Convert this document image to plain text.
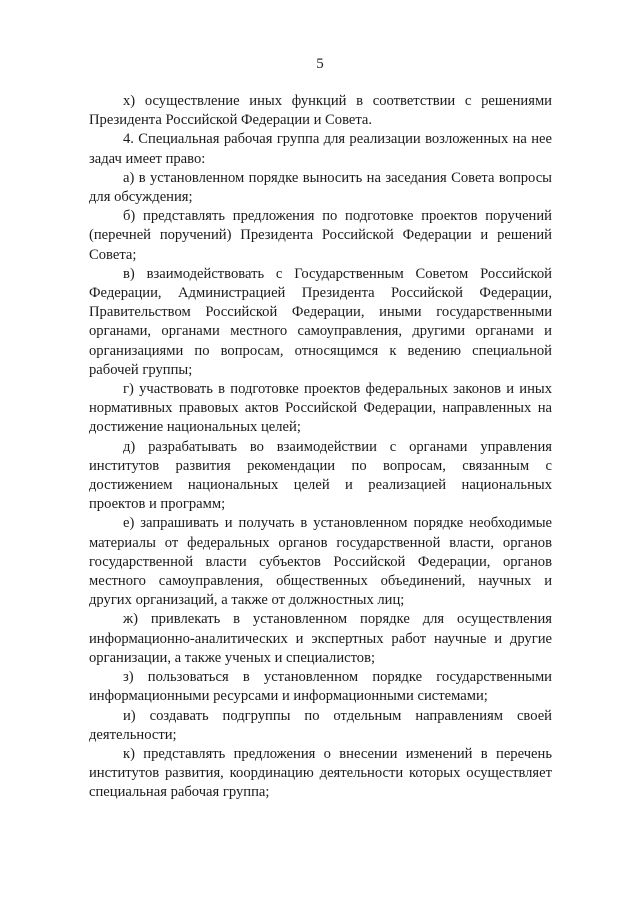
5

х) осуществление иных функций в соответствии с решениями Президента Российской Федерации и Совета.

4. Специальная рабочая группа для реализации возложенных на нее задач имеет право:

а) в установленном порядке выносить на заседания Совета вопросы для обсуждения;

б) представлять предложения по подготовке проектов поручений (перечней поручений) Президента Российской Федерации и решений Совета;

в) взаимодействовать с Государственным Советом Российской Федерации, Администрацией Президента Российской Федерации, Правительством Российской Федерации, иными государственными органами, органами местного самоуправления, другими органами и организациями по вопросам, относящимся к ведению специальной рабочей группы;

г) участвовать в подготовке проектов федеральных законов и иных нормативных правовых актов Российской Федерации, направленных на достижение национальных целей;

д) разрабатывать во взаимодействии с органами управления институтов развития рекомендации по вопросам, связанным с достижением национальных целей и реализацией национальных проектов и программ;

е) запрашивать и получать в установленном порядке необходимые материалы от федеральных органов государственной власти, органов государственной власти субъектов Российской Федерации, органов местного самоуправления, общественных объединений, научных и других организаций, а также от должностных лиц;

ж) привлекать в установленном порядке для осуществления информационно-аналитических и экспертных работ научные и другие организации, а также ученых и специалистов;

з) пользоваться в установленном порядке государственными информационными ресурсами и информационными системами;

и) создавать подгруппы по отдельным направлениям своей деятельности;

к) представлять предложения о внесении изменений в перечень институтов развития, координацию деятельности которых осуществляет специальная рабочая группа;
